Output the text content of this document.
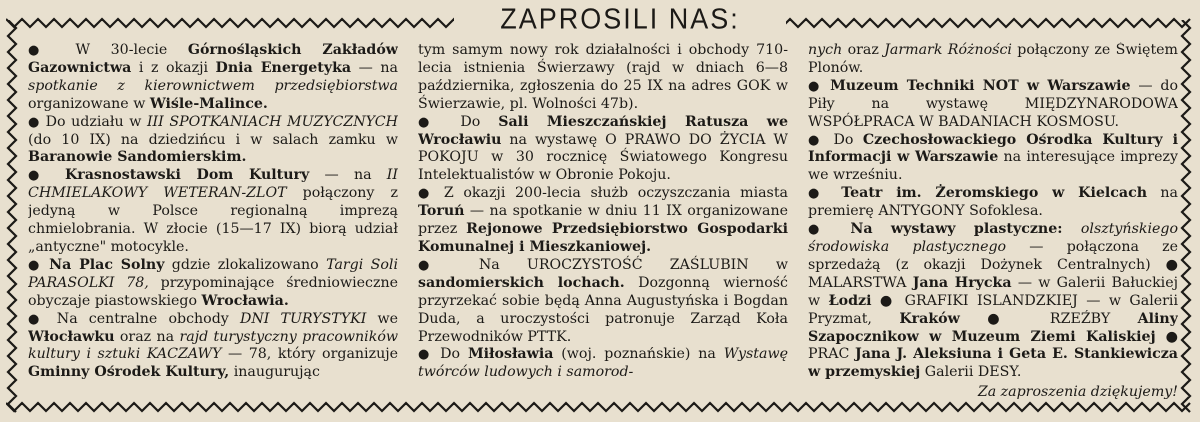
ZAPROSILI NAS:
● W 30-lecie Górnośląskich Zakładów Gazownictwa i z okazji Dnia Energetyka — na spotkanie z kierownictwem przedsiębiorstwa organizowane w Wiśle-Malince.
● Do udziału w III SPOTKANIACH MUZYCZNYCH (do 10 IX) na dziedzińcu i w salach zamku w Baranowie Sandomierskim.
● Krasnostawski Dom Kultury — na II CHMIELAKOWY WETERAN-ZLOT połączony z jedyną w Polsce regionalną imprezą chmielobrania. W złocie (15—17 IX) biorą udział „antyczne" motocykle.
● Na Plac Solny gdzie zlokalizowano Targi Soli PARASOLKI 78, przypominające średniowieczne obyczaje piastowskiego Wrocławia.
● Na centralne obchody DNI TURYSTYKI we Włocławku oraz na rajd turystyczny pracowników kultury i sztuki KACZAWY — 78, który organizuje Gminny Ośrodek Kultury, inaugurując
tym samym nowy rok działalności i obchody 710-lecia istnienia Świerzawy (rajd w dniach 6—8 października, zgłoszenia do 25 IX na adres GOK w Świerzawie, pl. Wolności 47b).
● Do Sali Mieszczańskiej Ratusza we Wrocławiu na wystawę O PRAWO DO ŻYCIA W POKOJU w 30 rocznicę Światowego Kongresu Intelektualistów w Obronie Pokoju.
● Z okazji 200-lecia służb oczyszczania miasta Toruń — na spotkanie w dniu 11 IX organizowane przez Rejonowe Przedsiębiorstwo Gospodarki Komunalnej i Mieszkaniowej.
● Na UROCZYSTOŚĆ ZAŚLUBIN w sandomierskich lochach. Dozgonną wierność przyrzekać sobie będą Anna Augustyńska i Bogdan Duda, a uroczystości patronuje Zarząd Koła Przewodników PTTK.
● Do Miłosławia (woj. poznańskie) na Wystawę twórców ludowych i samorod-
nych oraz Jarmark Różności połączony ze Świętem Plonów.
● Muzeum Techniki NOT w Warszawie — do Piły na wystawę MIĘDZYNARODOWA WSPÓŁPRACA W BADANIACH KOSMOSU.
● Do Czechosłowackiego Ośrodka Kultury i Informacji w Warszawie na interesujące imprezy we wrześniu.
● Teatr im. Żeromskiego w Kielcach na premierę ANTYGONY Sofoklesa.
● Na wystawy plastyczne: olsztyńskiego środowiska plastycznego — połączona ze sprzedażą (z okazji Dożynek Centralnych) ● MALARSTWA Jana Hrycka — w Galerii Bałuckiej w Łodzi ● GRAFIKI ISLANDZKIEJ — w Galerii Pryzmat, Kraków ● RZEŹBY Aliny Szapocznikow w Muzeum Ziemi Kaliskiej ● PRAC Jana J. Aleksiuna i Geta E. Stankiewicza w przemyskiej Galerii DESY.
Za zaproszenia dziękujemy!
